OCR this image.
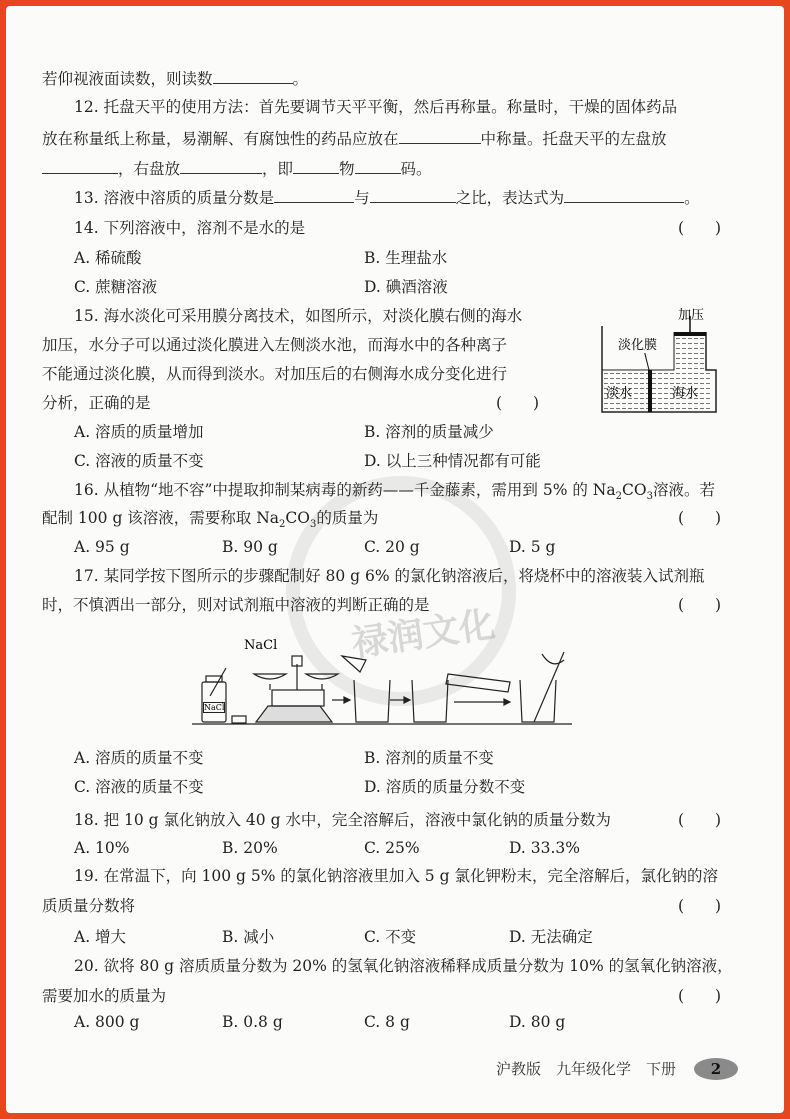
禄润文化
若仰视液面读数，则读数	。
12. 托盘天平的使用方法：首先要调节天平平衡，然后再称量。称量时，干燥的固体药品
放在称量纸上称量，易潮解、有腐蚀性的药品应放在	中称量。托盘天平的左盘放
，右盘放	，即	物	码。
13. 溶液中溶质的质量分数是	与	之比，表达式为	。
14. 下列溶液中，溶剂不是水的是	(　　)
A. 稀硫酸	B. 生理盐水
C. 蔗糖溶液	D. 碘酒溶液
15. 海水淡化可采用膜分离技术，如图所示，对淡化膜右侧的海水
加压，水分子可以通过淡化膜进入左侧淡水池，而海水中的各种离子
不能通过淡化膜，从而得到淡水。对加压后的右侧海水成分变化进行
分析，正确的是	(　　)
加压
淡化膜
淡水	海水
A. 溶质的质量增加	B. 溶剂的质量减少
C. 溶液的质量不变	D. 以上三种情况都有可能
16. 从植物“地不容”中提取抑制某病毒的新药——千金藤素，需用到 5% 的 $Na_2CO_3$溶液。若
配制 100 g 该溶液，需要称取 $Na_2CO_3$的质量为	(　　)
A. 95 g	B. 90 g	C. 20 g	D. 5 g
17. 某同学按下图所示的步骤配制好 80 g 6% 的氯化钠溶液后，将烧杯中的溶液装入试剂瓶
时，不慎洒出一部分，则对试剂瓶中溶液的判断正确的是	(　　)
NaCl
NaCl
A. 溶质的质量不变	B. 溶剂的质量不变
C. 溶液的质量不变	D. 溶质的质量分数不变
18. 把 10 g 氯化钠放入 40 g 水中，完全溶解后，溶液中氯化钠的质量分数为	(　　)
A. 10%	B. 20%	C. 25%	D. 33.3%
19. 在常温下，向 100 g 5% 的氯化钠溶液里加入 5 g 氯化钾粉末，完全溶解后，氯化钠的溶
质质量分数将	(　　)
A. 增大	B. 减小	C. 不变	D. 无法确定
20. 欲将 80 g 溶质质量分数为 20% 的氢氧化钠溶液稀释成质量分数为 10% 的氢氧化钠溶液，
需要加水的质量为	(　　)
A. 800 g	B. 0.8 g	C. 8 g	D. 80 g
沪教版　九年级化学　下册	2
